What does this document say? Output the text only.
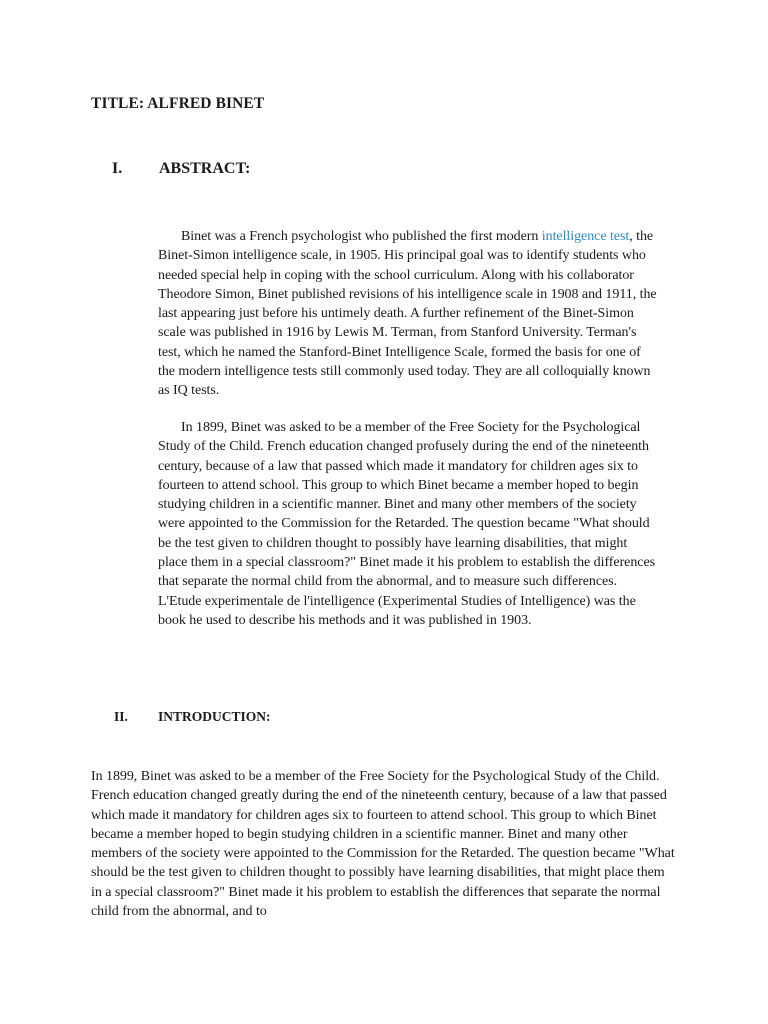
TITLE: ALFRED BINET
I. ABSTRACT:

Binet was a French psychologist who published the first modern intelligence test, the Binet-Simon intelligence scale, in 1905. His principal goal was to identify students who needed special help in coping with the school curriculum. Along with his collaborator Theodore Simon, Binet published revisions of his intelligence scale in 1908 and 1911, the last appearing just before his untimely death. A further refinement of the Binet-Simon scale was published in 1916 by Lewis M. Terman, from Stanford University. Terman's test, which he named the Stanford-Binet Intelligence Scale, formed the basis for one of the modern intelligence tests still commonly used today. They are all colloquially known as IQ tests.

In 1899, Binet was asked to be a member of the Free Society for the Psychological Study of the Child. French education changed profusely during the end of the nineteenth century, because of a law that passed which made it mandatory for children ages six to fourteen to attend school. This group to which Binet became a member hoped to begin studying children in a scientific manner. Binet and many other members of the society were appointed to the Commission for the Retarded. The question became "What should be the test given to children thought to possibly have learning disabilities, that might place them in a special classroom?" Binet made it his problem to establish the differences that separate the normal child from the abnormal, and to measure such differences. L'Etude experimentale de l'intelligence (Experimental Studies of Intelligence) was the book he used to describe his methods and it was published in 1903.

II. INTRODUCTION:

In 1899, Binet was asked to be a member of the Free Society for the Psychological Study of the Child. French education changed greatly during the end of the nineteenth century, because of a law that passed which made it mandatory for children ages six to fourteen to attend school. This group to which Binet became a member hoped to begin studying children in a scientific manner. Binet and many other members of the society were appointed to the Commission for the Retarded. The question became "What should be the test given to children thought to possibly have learning disabilities, that might place them in a special classroom?" Binet made it his problem to establish the differences that separate the normal child from the abnormal, and to
